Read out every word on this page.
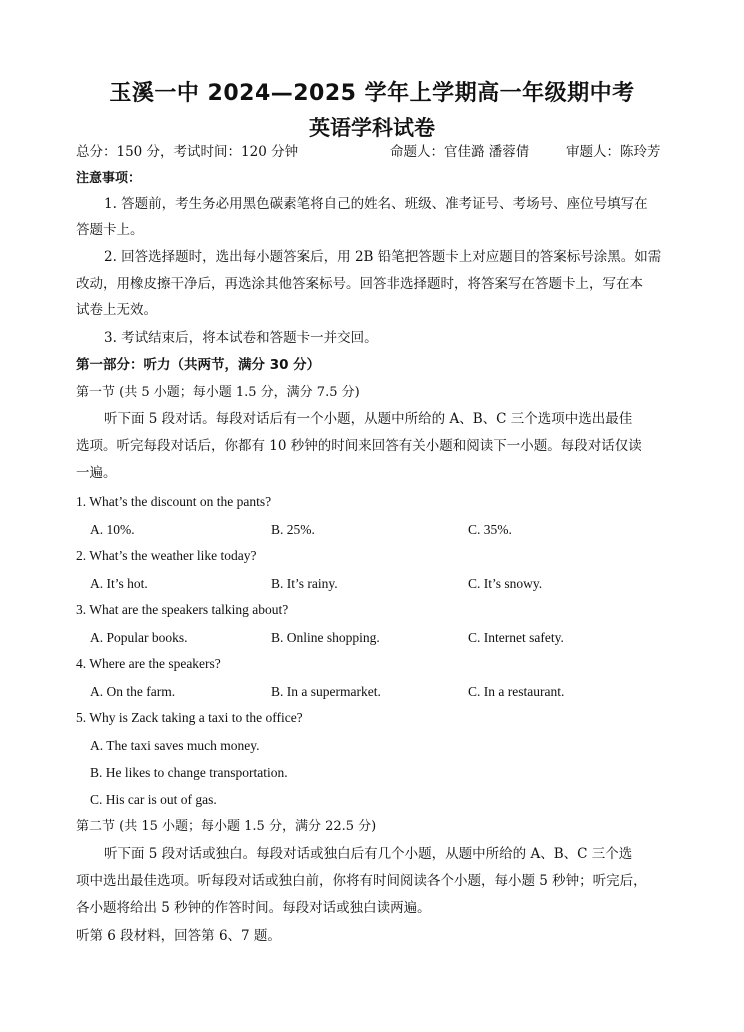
玉溪一中 2024—2025 学年上学期高一年级期中考
英语学科试卷
总分：150 分，考试时间：120 分钟	命题人：官佳潞 潘蓉倩	审题人：陈玲芳
注意事项：
1. 答题前，考生务必用黑色碳素笔将自己的姓名、班级、准考证号、考场号、座位号填写在
答题卡上。
2. 回答选择题时，选出每小题答案后，用 2B 铅笔把答题卡上对应题目的答案标号涂黑。如需
改动，用橡皮擦干净后，再选涂其他答案标号。回答非选择题时，将答案写在答题卡上，写在本
试卷上无效。
3. 考试结束后，将本试卷和答题卡一并交回。
第一部分：听力（共两节，满分 30 分）
第一节 (共 5 小题；每小题 1.5 分，满分 7.5 分)
听下面 5 段对话。每段对话后有一个小题，从题中所给的 A、B、C 三个选项中选出最佳
选项。听完每段对话后，你都有 10 秒钟的时间来回答有关小题和阅读下一小题。每段对话仅读
一遍。
1. What’s the discount on the pants?
A. 10%.	B. 25%.	C. 35%.
2. What’s the weather like today?
A. It’s hot.	B. It’s rainy.	C. It’s snowy.
3. What are the speakers talking about?
A. Popular books.	B. Online shopping.	C. Internet safety.
4. Where are the speakers?
A. On the farm.	B. In a supermarket.	C. In a restaurant.
5. Why is Zack taking a taxi to the office?
A. The taxi saves much money.
B. He likes to change transportation.
C. His car is out of gas.
第二节 (共 15 小题；每小题 1.5 分，满分 22.5 分)
听下面 5 段对话或独白。每段对话或独白后有几个小题，从题中所给的 A、B、C 三个选
项中选出最佳选项。听每段对话或独白前，你将有时间阅读各个小题，每小题 5 秒钟；听完后，
各小题将给出 5 秒钟的作答时间。每段对话或独白读两遍。
听第 6 段材料，回答第 6、7 题。
